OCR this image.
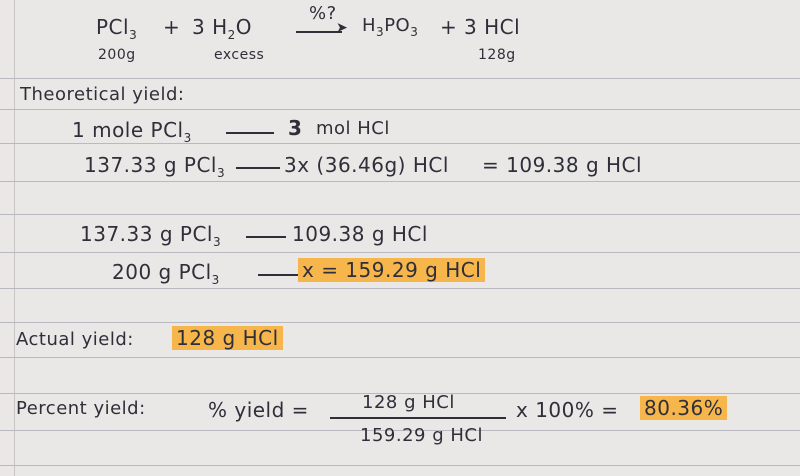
PCl$_3$ + 3 $H_2O$
%?
➤ $H_3PO_3 + 3$ HCl
200g	excess	128g
Theoretical yield:
1 mole PCl$_3$	3 mol HCl
137.33 g PCl$_3$	3x (36.46g) HCl = 109.38 g HCl
137.33 g PCl$_3$	109.38 g HCl
200 g PCl$_3$	x = 159.29 g HCl
Actual yield: 128 g HCl
Percent yield:	% yield =	128 g HCl
159.29 g HCl
x 100% = 80.36%
